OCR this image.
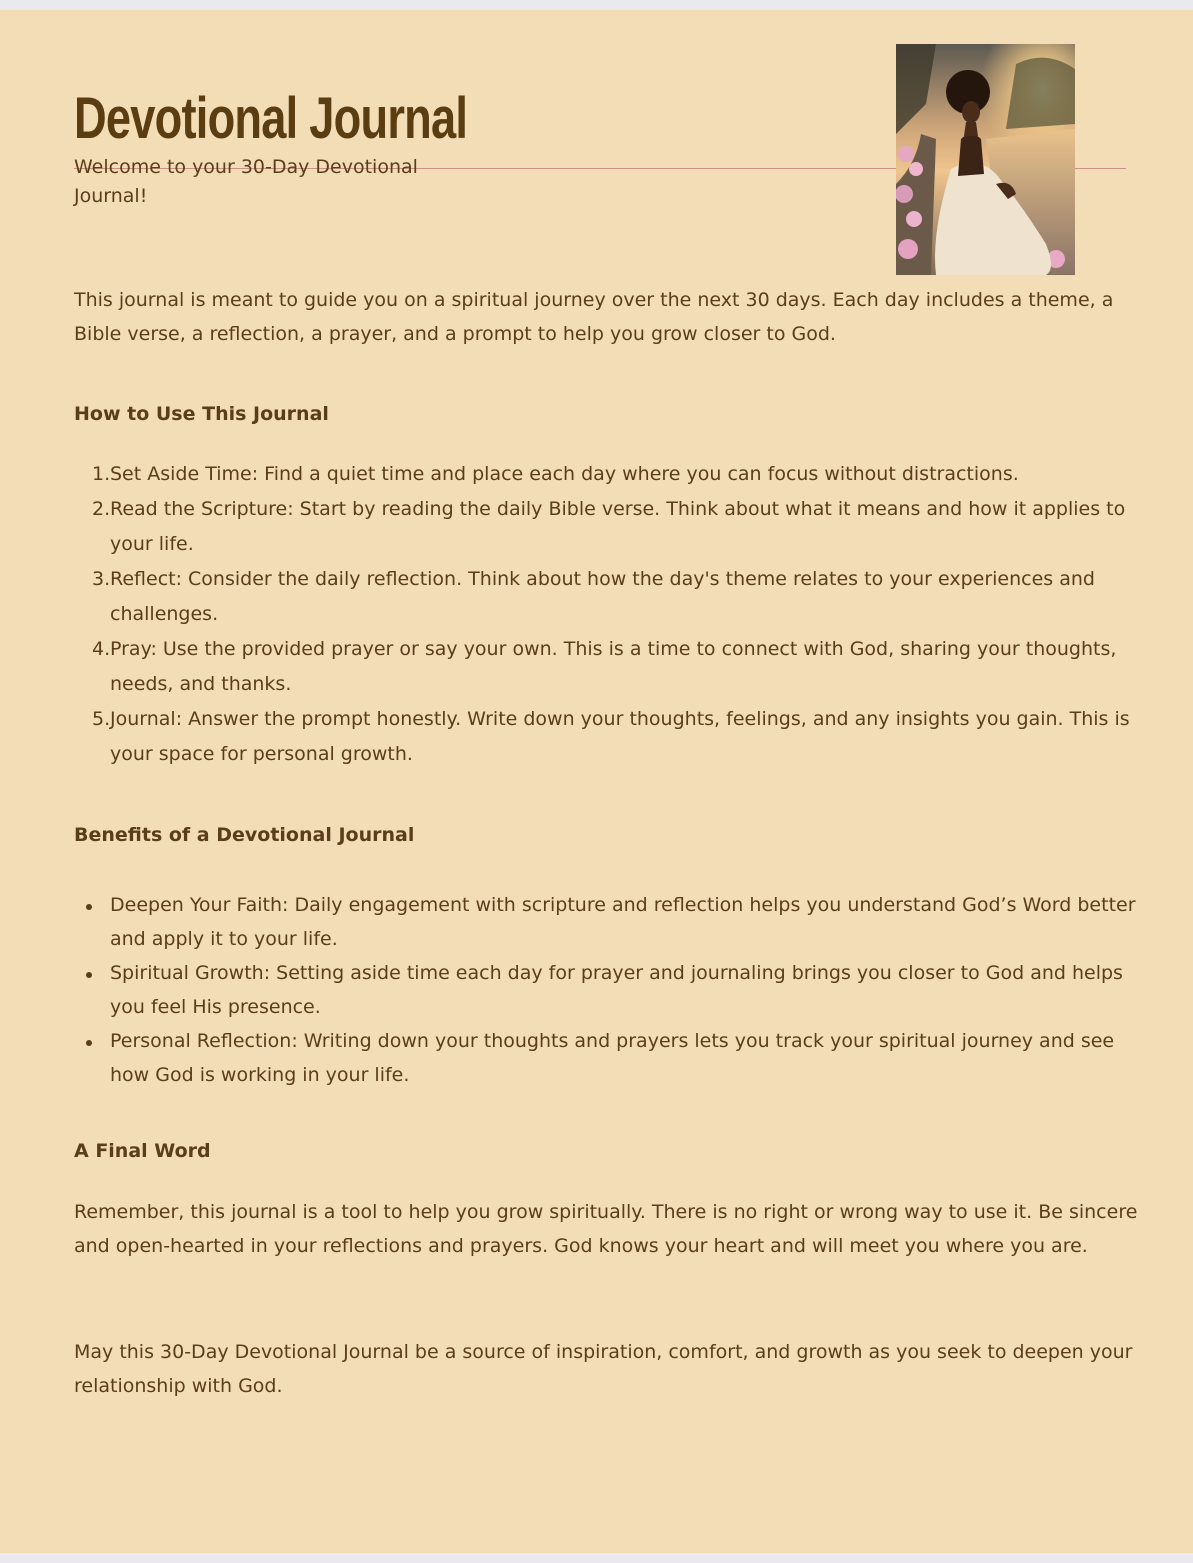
Devotional Journal
Welcome to your 30-Day Devotional Journal!
This journal is meant to guide you on a spiritual journey over the next 30 days. Each day includes a theme, a Bible verse, a reflection, a prayer, and a prompt to help you grow closer to God.
How to Use This Journal
1. Set Aside Time: Find a quiet time and place each day where you can focus without distractions.
2. Read the Scripture: Start by reading the daily Bible verse. Think about what it means and how it applies to your life.
3. Reflect: Consider the daily reflection. Think about how the day's theme relates to your experiences and challenges.
4. Pray: Use the provided prayer or say your own. This is a time to connect with God, sharing your thoughts, needs, and thanks.
5. Journal: Answer the prompt honestly. Write down your thoughts, feelings, and any insights you gain. This is your space for personal growth.
Benefits of a Devotional Journal
Deepen Your Faith: Daily engagement with scripture and reflection helps you understand God’s Word better and apply it to your life.
Spiritual Growth: Setting aside time each day for prayer and journaling brings you closer to God and helps you feel His presence.
Personal Reflection: Writing down your thoughts and prayers lets you track your spiritual journey and see how God is working in your life.
A Final Word
Remember, this journal is a tool to help you grow spiritually. There is no right or wrong way to use it. Be sincere and open-hearted in your reflections and prayers. God knows your heart and will meet you where you are.
May this 30-Day Devotional Journal be a source of inspiration, comfort, and growth as you seek to deepen your relationship with God.
